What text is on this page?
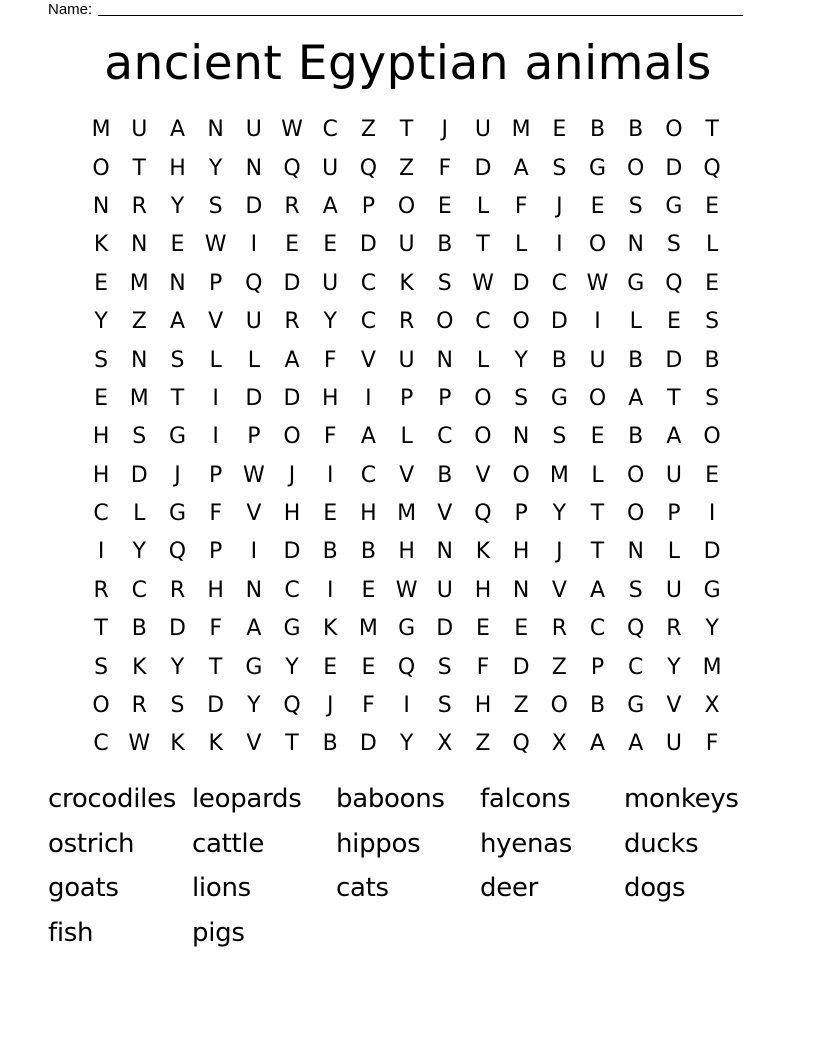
Name:
ancient Egyptian animals
M U	A	N U W C	Z	T	J	U M E	B	B O	T
O	T	H	Y	N Q U Q Z	F	D	A	S	G O D Q
N	R	Y	S	D	R	A	P	O	E	L	F	J	E	S	G	E
K	N	E W	I	E	E	D U	B	T	L	I	O N	S	L
E M N	P	Q D U	C	K	S W D	C W G Q	E
Y	Z	A	V	U	R	Y	C	R O C O D	I	L	E	S
S	N	S	L	L	A	F	V	U N	L	Y	B	U	B	D	B
E M T	I	D D H	I	P	P	O	S	G O	A	T	S
H	S	G	I	P	O	F	A	L	C O N	S	E	B	A O
H D	J	P W	J	I	C	V	B	V O M	L	O U	E
C	L	G	F	V	H	E	H M V Q	P	Y	T	O	P	I
I	Y	Q	P	I	D	B	B	H N	K	H	J	T	N	L	D
R	C	R	H N	C	I	E W U H N	V	A	S	U G
T	B	D	F	A	G	K M G D	E	E	R	C Q R	Y
S	K	Y	T	G	Y	E	E	Q	S	F	D	Z	P	C	Y M
O R	S	D	Y	Q	J	F	I	S	H	Z O B	G	V	X
C W K	K	V	T	B	D	Y	X	Z Q X	A	A	U	F
crocodiles leopards	baboons	falcons	monkeys
ostrich	cattle	hippos	hyenas	ducks
goats	lions	cats	deer	dogs
fish	pigs
